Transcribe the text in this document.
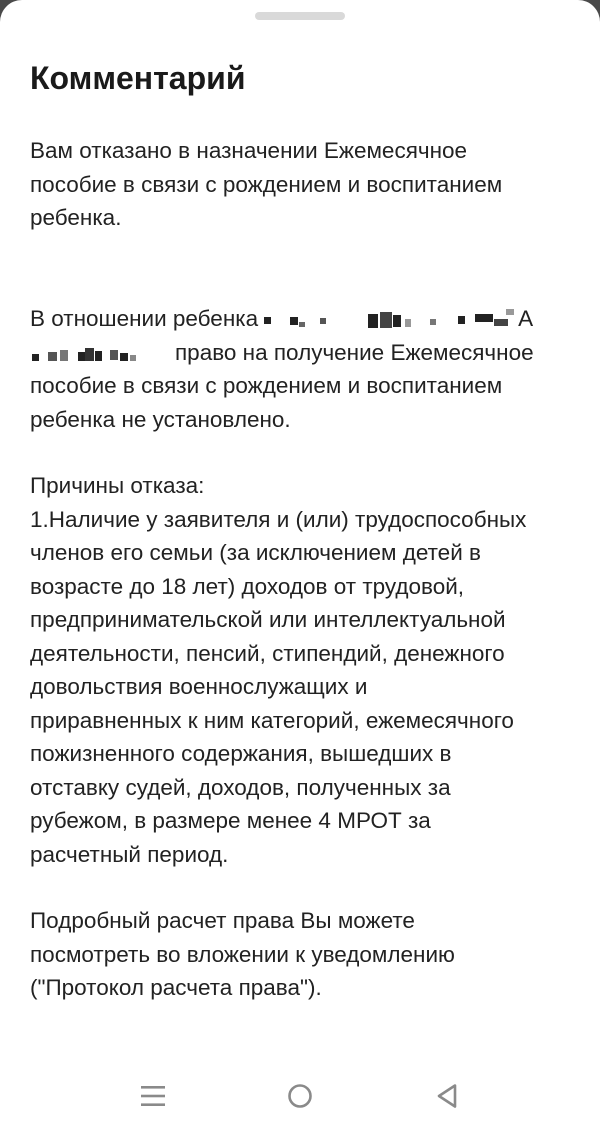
Комментарий
Вам отказано в назначении Ежемесячное
пособие в связи с рождением и воспитанием
ребенка.
В отношении ребенка	А
право на получение Ежемесячное
пособие в связи с рождением и воспитанием
ребенка не установлено.
Причины отказа:
1.Наличие у заявителя и (или) трудоспособных
членов его семьи (за исключением детей в
возрасте до 18 лет) доходов от трудовой,
предпринимательской или интеллектуальной
деятельности, пенсий, стипендий, денежного
довольствия военнослужащих и
приравненных к ним категорий, ежемесячного
пожизненного содержания, вышедших в
отставку судей, доходов, полученных за
рубежом, в размере менее 4 МРОТ за
расчетный период.
Подробный расчет права Вы можете
посмотреть во вложении к уведомлению
("Протокол расчета права").
